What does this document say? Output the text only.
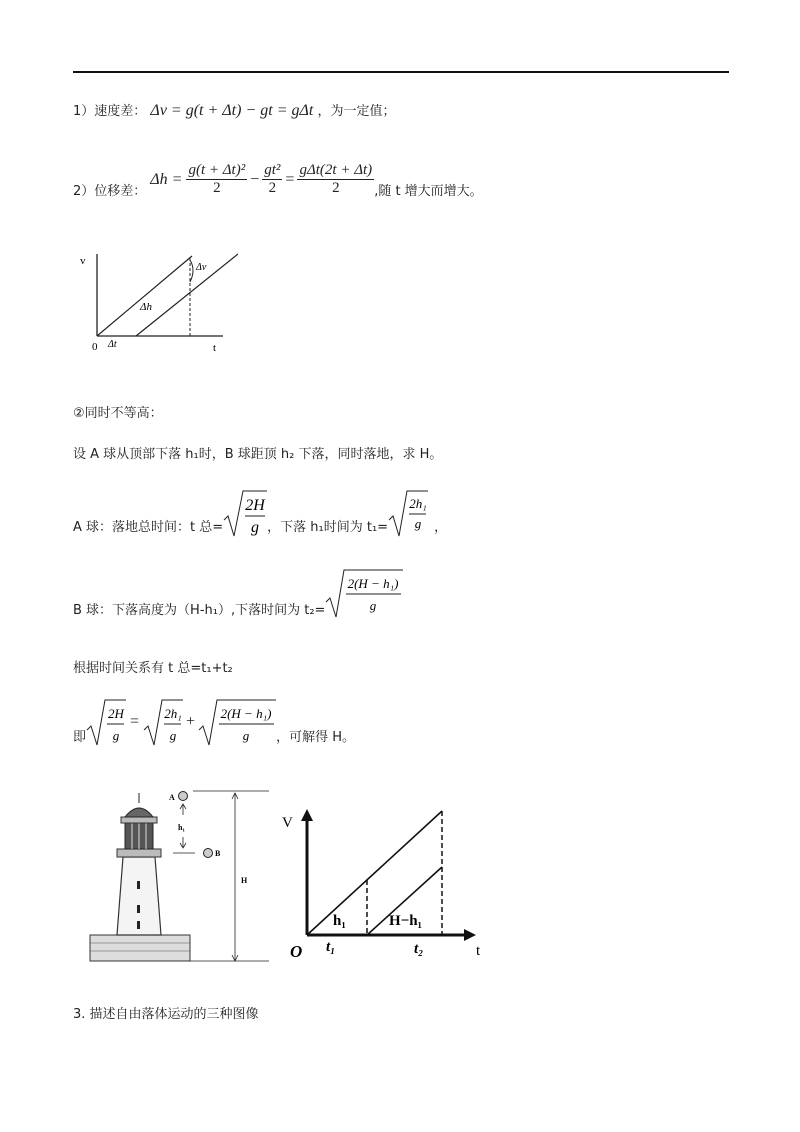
1）速度差： Δv = g(t + Δt) − gt = gΔt ，为一定值；
2）位移差：
$\Delta h = \frac{\text{g(t + Δt)²}}{2} - \frac{\text{gt²}}{2} = \frac{\text{gΔt(2t + Δt)}}{2}$ ,随 t 增大而增大。
v
t
0 Δt
Δh
Δv
②同时不等高：
设 A 球从顶部下落 h₁时，B 球距顶 h₂ 下落，同时落地，求 H。
A 球：落地总时间：t 总=
2H
g ，下落 h₁时间为 t₁=
2h₁
g ，
B 球：下落高度为（H-h₁）,下落时间为 t₂=
2(H − h₁)
g
根据时间关系有 t 总=t₁+t₂
即
2H
g
= 2h₁
g
+ 2(H − h₁)
g ，可解得 H。
A
h₁
B
H
V
t
O t₁	t₂
h₁	H−h₁
3. 描述自由落体运动的三种图像
